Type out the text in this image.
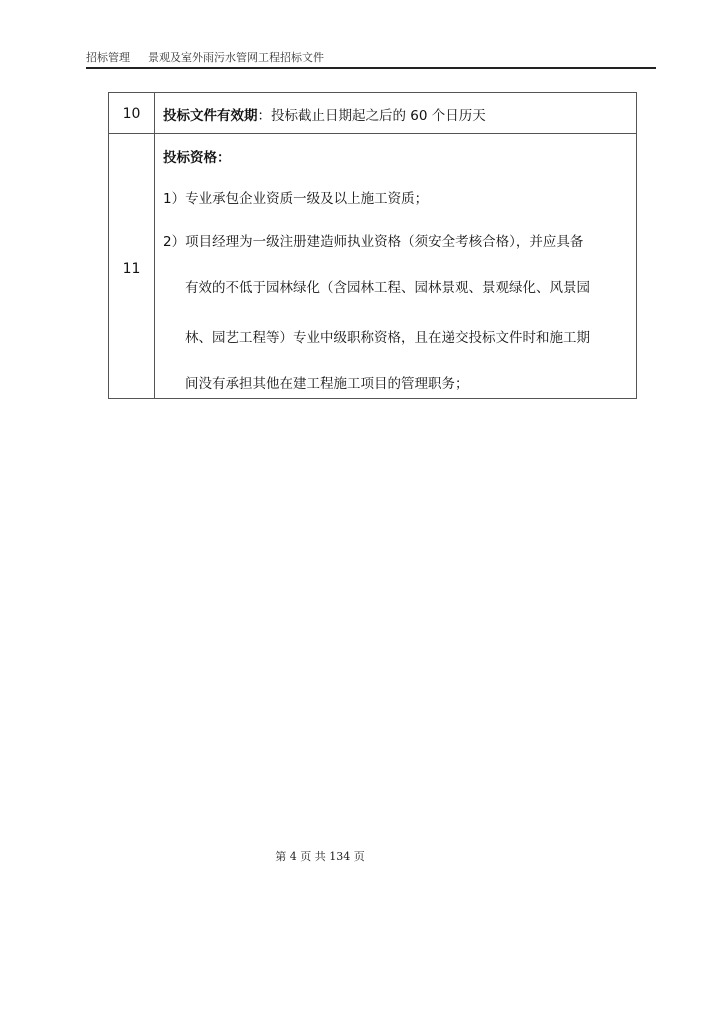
招标管理 景观及室外雨污水管网工程招标文件
10	投标文件有效期：投标截止日期起之后的 60 个日历天
11
投标资格：
1）专业承包企业资质一级及以上施工资质；
2）项目经理为一级注册建造师执业资格（须安全考核合格），并应具备
有效的不低于园林绿化（含园林工程、园林景观、景观绿化、风景园
林、园艺工程等）专业中级职称资格，且在递交投标文件时和施工期
间没有承担其他在建工程施工项目的管理职务；
第 4 页 共 134 页
